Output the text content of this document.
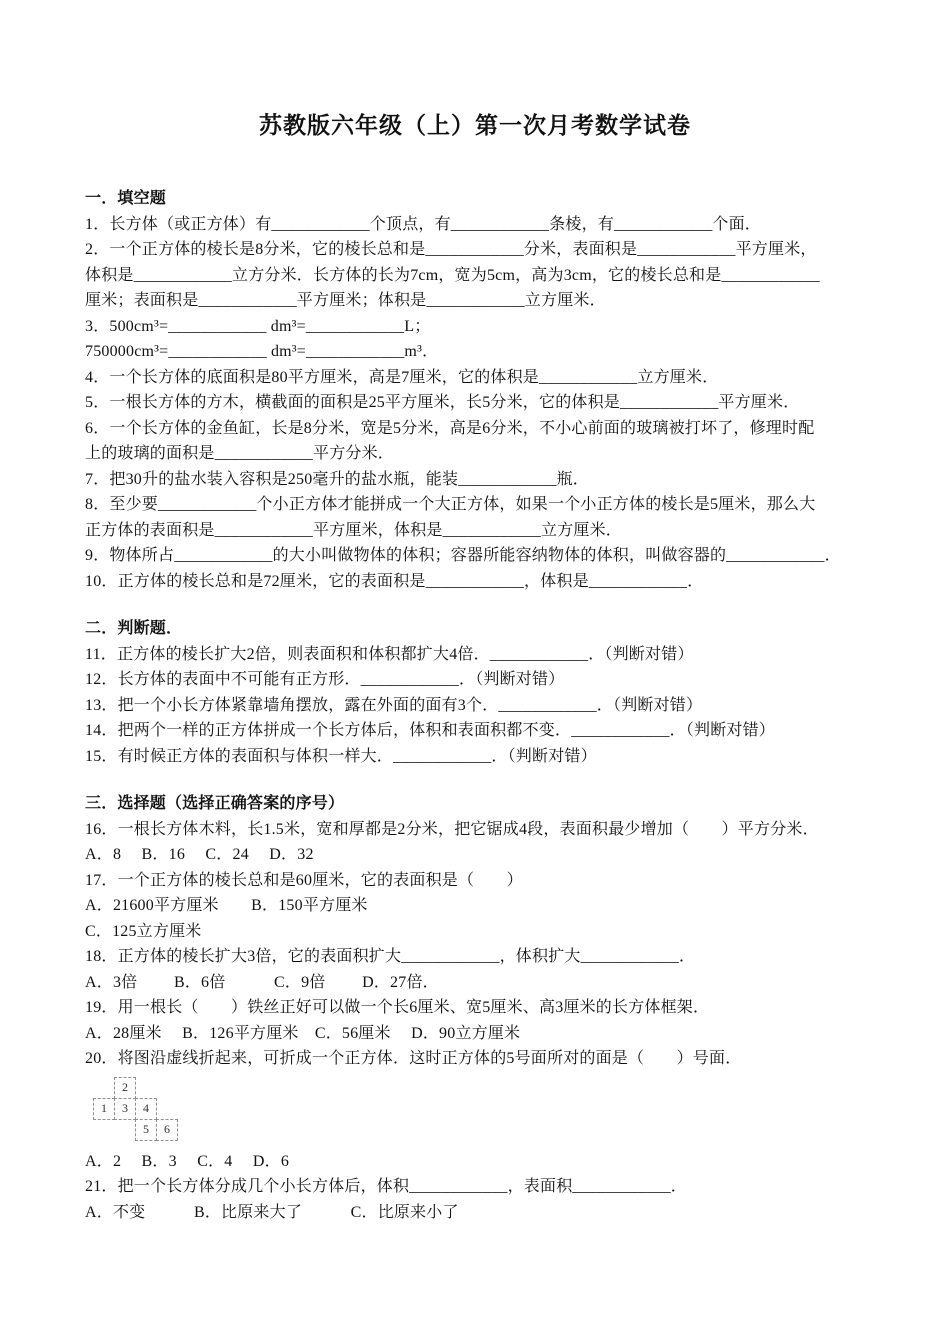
苏教版六年级（上）第一次月考数学试卷
一．填空题
1．长方体（或正方体）有____________个顶点，有____________条棱，有____________个面．
2．一个正方体的棱长是8分米，它的棱长总和是____________分米，表面积是____________平方厘米，
体积是____________立方分米．长方体的长为7cm，宽为5cm，高为3cm，它的棱长总和是____________
厘米；表面积是____________平方厘米；体积是____________立方厘米．
3．500cm³=____________ dm³=____________L；
750000cm³=____________ dm³=____________m³．
4．一个长方体的底面积是80平方厘米，高是7厘米，它的体积是____________立方厘米．
5．一根长方体的方木，横截面的面积是25平方厘米，长5分米，它的体积是____________平方厘米．
6．一个长方体的金鱼缸，长是8分米，宽是5分米，高是6分米，不小心前面的玻璃被打坏了，修理时配
上的玻璃的面积是____________平方分米．
7．把30升的盐水装入容积是250毫升的盐水瓶，能装____________瓶．
8．至少要____________个小正方体才能拼成一个大正方体，如果一个小正方体的棱长是5厘米，那么大
正方体的表面积是____________平方厘米，体积是____________立方厘米．
9．物体所占____________的大小叫做物体的体积；容器所能容纳物体的体积，叫做容器的____________．
10．正方体的棱长总和是72厘米，它的表面积是____________，体积是____________．
二．判断题．
11．正方体的棱长扩大2倍，则表面积和体积都扩大4倍．____________．（判断对错）
12．长方体的表面中不可能有正方形．____________．（判断对错）
13．把一个小长方体紧靠墙角摆放，露在外面的面有3个．____________．（判断对错）
14．把两个一样的正方体拼成一个长方体后，体积和表面积都不变．____________．（判断对错）
15．有时候正方体的表面积与体积一样大．____________．（判断对错）
三．选择题（选择正确答案的序号）
16．一根长方体木料，长1.5米，宽和厚都是2分米，把它锯成4段，表面积最少增加（　　）平方分米．
A．8　 B．16　 C．24　 D．32
17．一个正方体的棱长总和是60厘米，它的表面积是（　　）
A．21600平方厘米　　B．150平方厘米
C．125立方厘米
18．正方体的棱长扩大3倍，它的表面积扩大____________，体积扩大____________．
A．3倍　　 B．6倍　　　C．9倍　　 D．27倍．
19．用一根长（　　）铁丝正好可以做一个长6厘米、宽5厘米、高3厘米的长方体框架．
A．28厘米　 B．126平方厘米　C．56厘米　 D．90立方厘米
20．将图沿虚线折起来，可折成一个正方体．这时正方体的5号面所对的面是（　　）号面．
2
1	3	4
5	6
A．2　 B．3　 C．4　 D．6
21．把一个长方体分成几个小长方体后，体积____________，表面积____________．
A．不变　　　B．比原来大了　　　C．比原来小了
